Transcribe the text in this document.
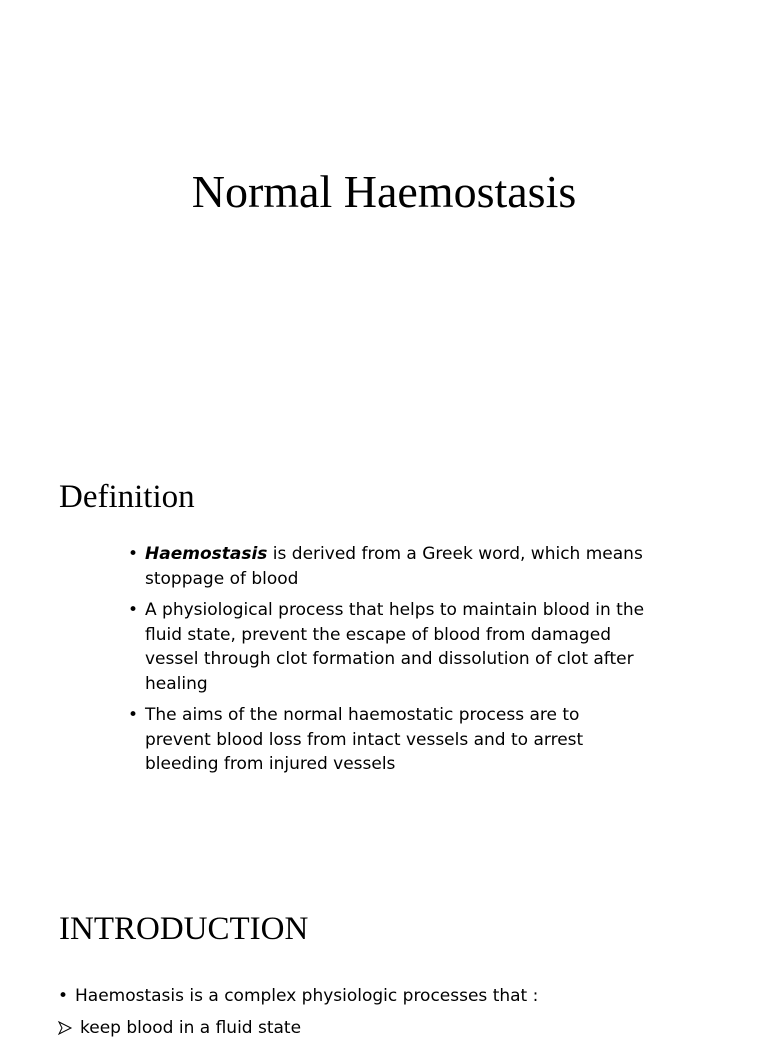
Normal Haemostasis
Definition
• Haemostasis is derived from a Greek word, which means stoppage of blood
• A physiological process that helps to maintain blood in the fluid state, prevent the escape of blood from damaged vessel through clot formation and dissolution of clot after healing
• The aims of the normal haemostatic process are to prevent blood loss from intact vessels and to arrest bleeding from injured vessels
INTRODUCTION
• Haemostasis is a complex physiologic processes that :
keep blood in a fluid state
